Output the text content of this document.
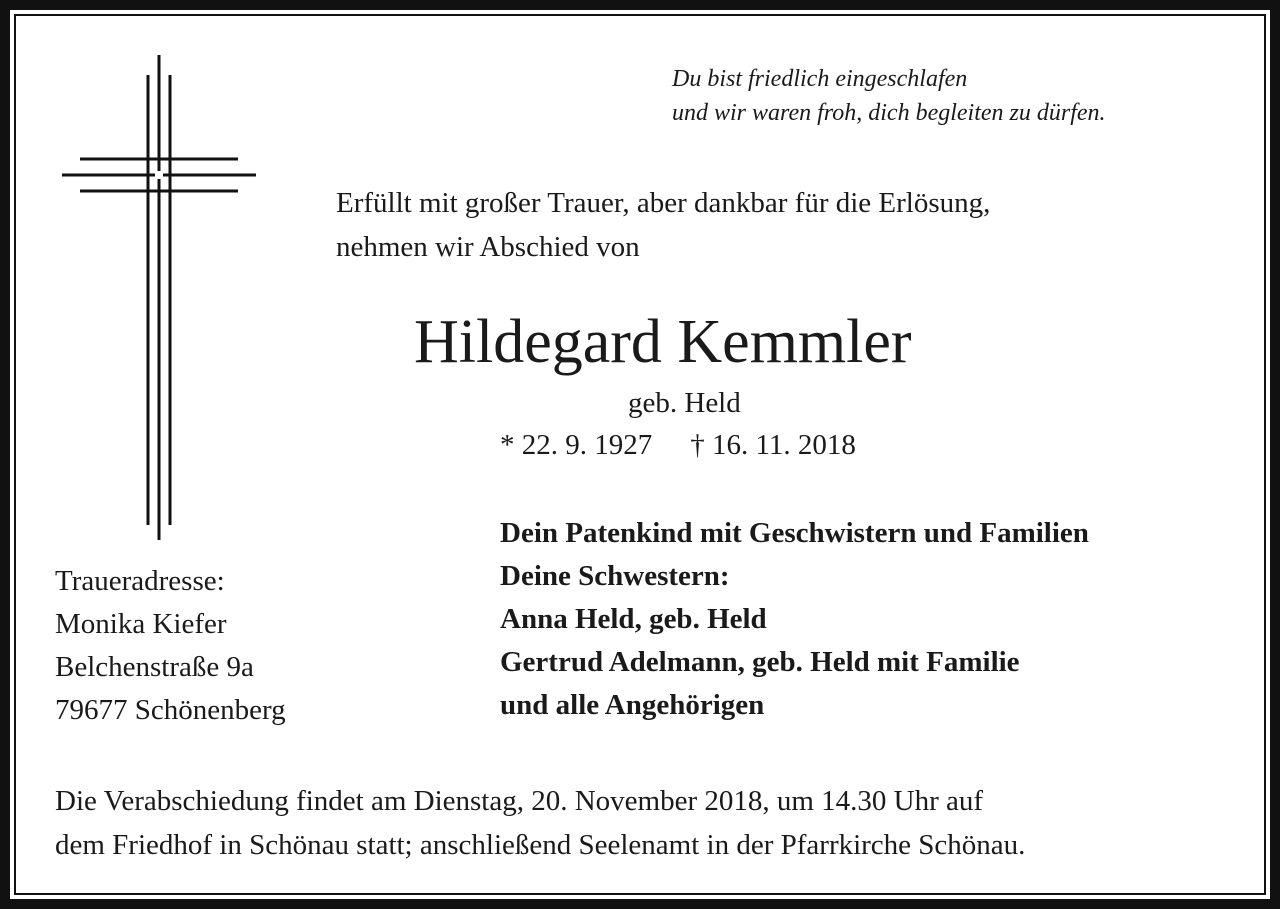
Du bist friedlich eingeschlafen
und wir waren froh, dich begleiten zu dürfen.
Erfüllt mit großer Trauer, aber dankbar für die Erlösung,
nehmen wir Abschied von
Hildegard Kemmler
geb. Held
* 22. 9. 1927 † 16. 11. 2018
Dein Patenkind mit Geschwistern und Familien
Deine Schwestern:
Anna Held, geb. Held
Gertrud Adelmann, geb. Held mit Familie
und alle Angehörigen
Traueradresse:
Monika Kiefer
Belchenstraße 9a
79677 Schönenberg
Die Verabschiedung findet am Dienstag, 20. November 2018, um 14.30 Uhr auf
dem Friedhof in Schönau statt; anschließend Seelenamt in der Pfarrkirche Schönau.
